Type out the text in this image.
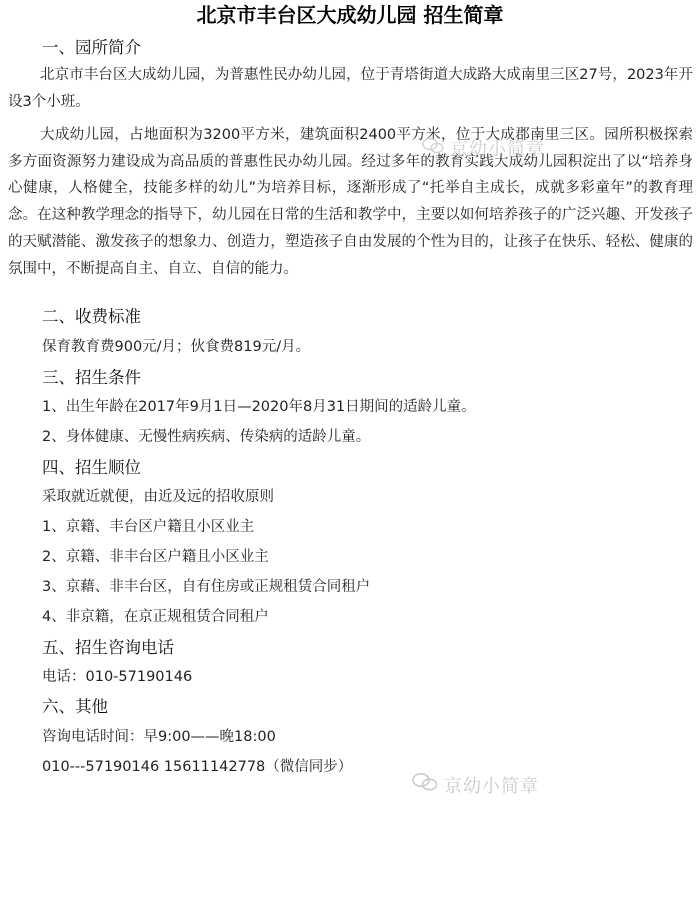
北京市丰台区大成幼儿园 招生简章
一、园所简介

北京市丰台区大成幼儿园，为普惠性民办幼儿园，位于青塔街道大成路大成南里三区27号，2023年开设3个小班。

大成幼儿园，占地面积为3200平方米，建筑面积2400平方米，位于大成郡南里三区。园所积极探索多方面资源努力建设成为高品质的普惠性民办幼儿园。经过多年的教育实践大成幼儿园积淀出了以“培养身心健康，人格健全，技能多样的幼儿”为培养目标，逐渐形成了“托举自主成长，成就多彩童年”的教育理念。在这种教学理念的指导下，幼儿园在日常的生活和教学中，主要以如何培养孩子的广泛兴趣、开发孩子的天赋潜能、激发孩子的想象力、创造力，塑造孩子自由发展的个性为目的，让孩子在快乐、轻松、健康的氛围中，不断提高自主、自立、自信的能力。

二、收费标准
保育教育费900元/月；伙食费819元/月。
三、招生条件
1、出生年龄在2017年9月1日—2020年8月31日期间的适龄儿童。
2、身体健康、无慢性病疾病、传染病的适龄儿童。
四、招生顺位
采取就近就便，由近及远的招收原则
1、京籍、丰台区户籍且小区业主
2、京籍、非丰台区户籍且小区业主
3、京藉、非丰台区，自有住房或正规租赁合同租户
4、非京籍，在京正规租赁合同租户
五、招生咨询电话
电话：010-57190146
六、其他
咨询电话时间：早9:00——晚18:00
010---57190146 15611142778（微信同步）
京幼小简章
京幼小简章
